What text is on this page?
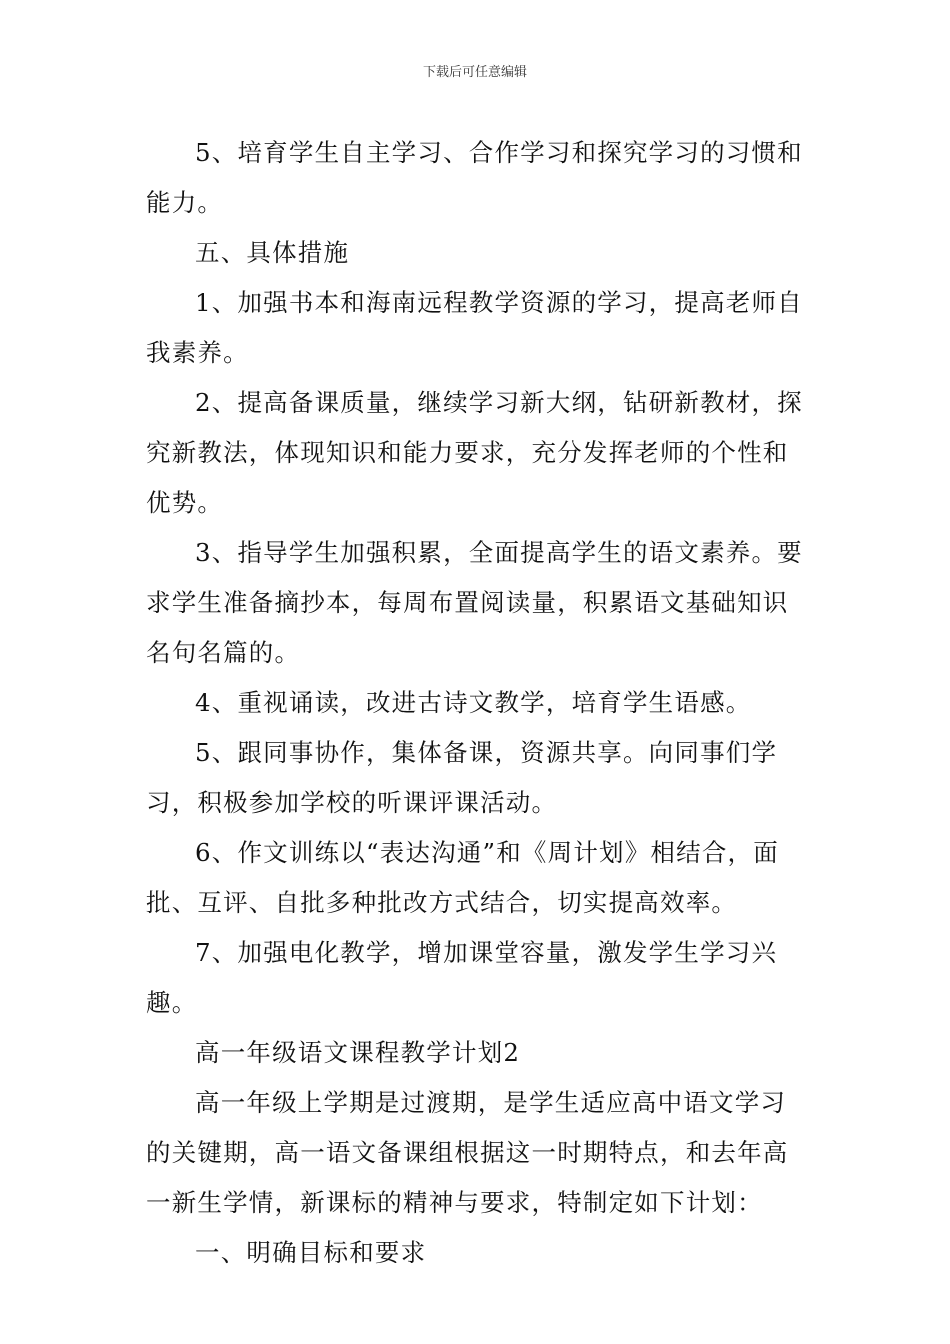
下载后可任意编辑

5、培育学生自主学习、合作学习和探究学习的习惯和能力。

五、具体措施

1、加强书本和海南远程教学资源的学习，提高老师自我素养。

2、提高备课质量，继续学习新大纲，钻研新教材，探究新教法，体现知识和能力要求，充分发挥老师的个性和优势。

3、指导学生加强积累，全面提高学生的语文素养。要求学生准备摘抄本，每周布置阅读量，积累语文基础知识名句名篇的。

4、重视诵读，改进古诗文教学，培育学生语感。

5、跟同事协作，集体备课，资源共享。向同事们学习，积极参加学校的听课评课活动。

6、作文训练以“表达沟通”和《周计划》相结合，面批、互评、自批多种批改方式结合，切实提高效率。

7、加强电化教学，增加课堂容量，激发学生学习兴趣。

高一年级语文课程教学计划2

高一年级上学期是过渡期，是学生适应高中语文学习的关键期，高一语文备课组根据这一时期特点，和去年高一新生学情，新课标的精神与要求，特制定如下计划：

一、明确目标和要求
